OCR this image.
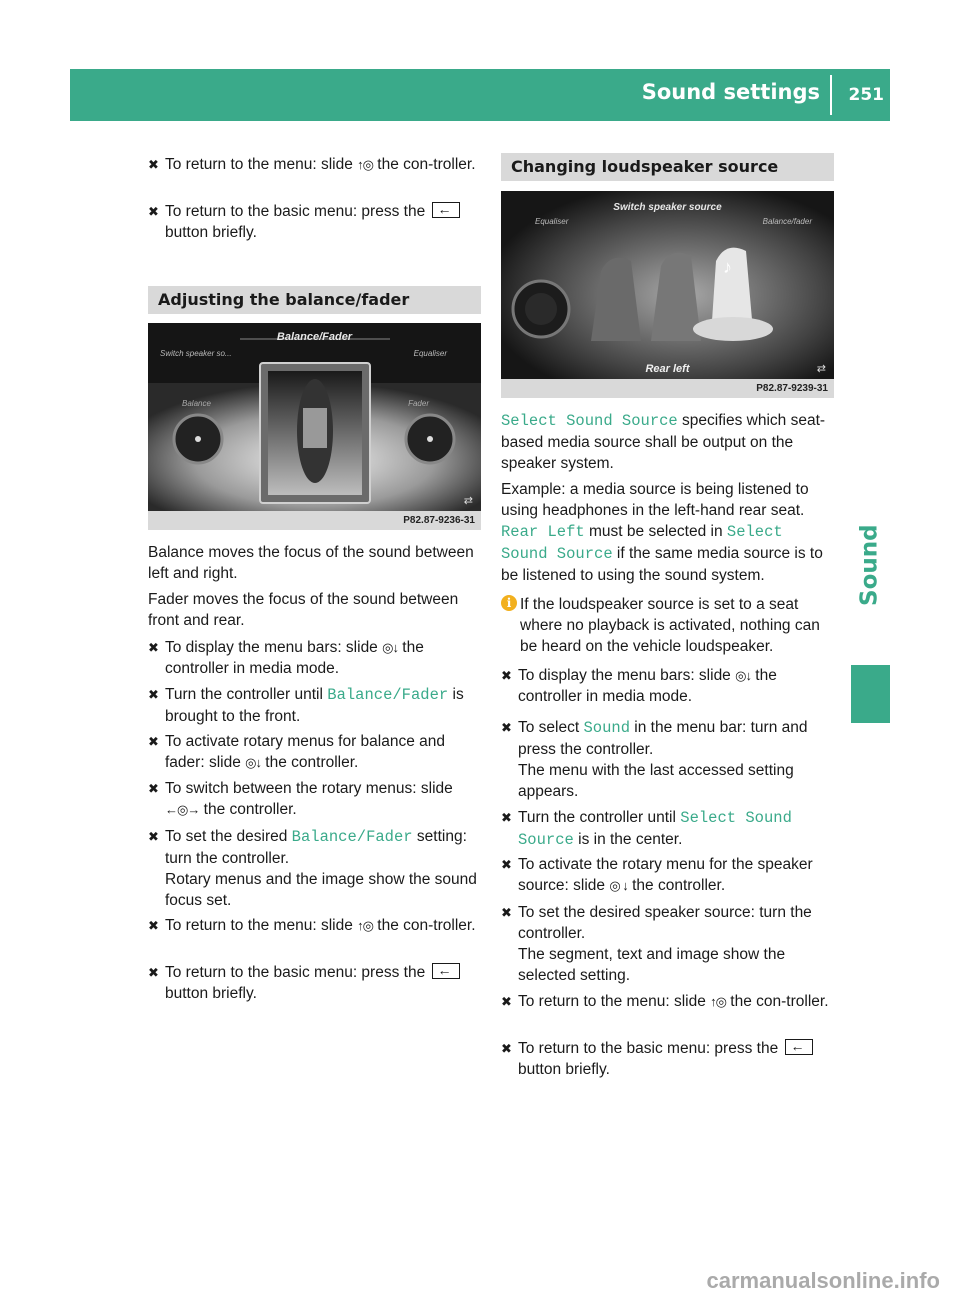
Sound settings 251
Sound
✖ To return to the menu: slide ↑◎ the con-troller.
✖ To return to the basic menu: press the ← button briefly.
Adjusting the balance/fader
Balance/Fader
Switch speaker so...	Equaliser
Balance	Fader
⇄
P82.87-9236-31
Balance moves the focus of the sound between left and right.
Fader moves the focus of the sound between front and rear.
✖ To display the menu bars: slide ◎↓ the controller in media mode.
✖ Turn the controller until Balance/Fader is brought to the front.
✖ To activate rotary menus for balance and fader: slide ◎↓ the controller.
✖ To switch between the rotary menus: slide ←◎→ the controller.
✖ To set the desired Balance/Fader setting: turn the controller.
Rotary menus and the image show the sound focus set.
✖ To return to the menu: slide ↑◎ the con-troller.
✖ To return to the basic menu: press the ← button briefly.
Changing loudspeaker source
♪
Switch speaker source
Equaliser	Balance/fader
Rear left	⇄
P82.87-9239-31
Select Sound Source specifies which seat-based media source shall be output on the speaker system.
Example: a media source is being listened to using headphones in the left-hand rear seat. Rear Left must be selected in Select Sound Source if the same media source is to be listened to using the sound system.
i If the loudspeaker source is set to a seat where no playback is activated, nothing can be heard on the vehicle loudspeaker.
✖ To display the menu bars: slide ◎↓ the controller in media mode.
✖ To select Sound in the menu bar: turn and press the controller.
The menu with the last accessed setting appears.
✖ Turn the controller until Select Sound Source is in the center.
✖ To activate the rotary menu for the speaker source: slide ◎ ↓ the controller.
✖ To set the desired speaker source: turn the controller.
The segment, text and image show the selected setting.
✖ To return to the menu: slide ↑◎ the con-troller.
✖ To return to the basic menu: press the ← button briefly.
carmanualsonline.info
